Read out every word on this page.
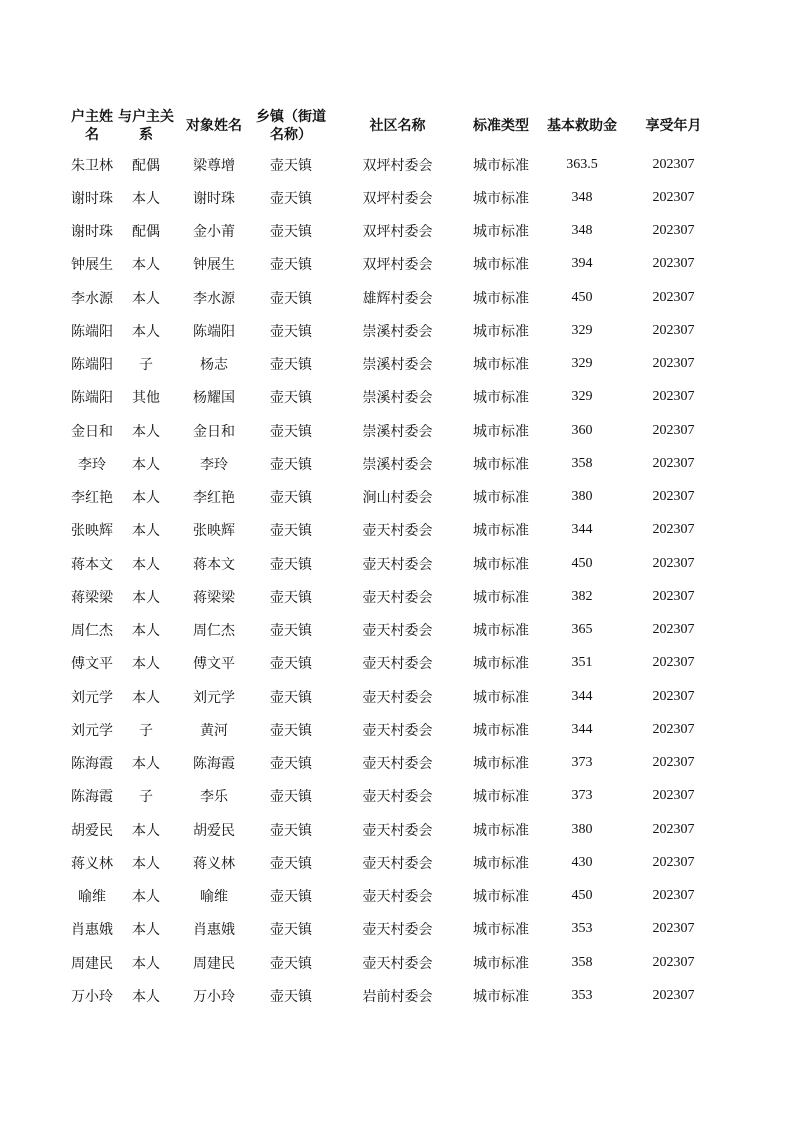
户主姓名	与户主关系	对象姓名	乡镇（街道名称）	社区名称	标准类型	基本救助金	享受年月
朱卫林	配偶	梁尊增	壶天镇	双坪村委会	城市标准	363.5	202307
谢时珠	本人	谢时珠	壶天镇	双坪村委会	城市标准	348	202307
谢时珠	配偶	金小莆	壶天镇	双坪村委会	城市标准	348	202307
钟展生	本人	钟展生	壶天镇	双坪村委会	城市标准	394	202307
李水源	本人	李水源	壶天镇	雄辉村委会	城市标准	450	202307
陈端阳	本人	陈端阳	壶天镇	崇溪村委会	城市标准	329	202307
陈端阳	子	杨志	壶天镇	崇溪村委会	城市标准	329	202307
陈端阳	其他	杨耀国	壶天镇	崇溪村委会	城市标准	329	202307
金日和	本人	金日和	壶天镇	崇溪村委会	城市标准	360	202307
李玲	本人	李玲	壶天镇	崇溪村委会	城市标准	358	202307
李红艳	本人	李红艳	壶天镇	涧山村委会	城市标准	380	202307
张映辉	本人	张映辉	壶天镇	壶天村委会	城市标准	344	202307
蒋本文	本人	蒋本文	壶天镇	壶天村委会	城市标准	450	202307
蒋梁梁	本人	蒋梁梁	壶天镇	壶天村委会	城市标准	382	202307
周仁杰	本人	周仁杰	壶天镇	壶天村委会	城市标准	365	202307
傅文平	本人	傅文平	壶天镇	壶天村委会	城市标准	351	202307
刘元学	本人	刘元学	壶天镇	壶天村委会	城市标准	344	202307
刘元学	子	黄河	壶天镇	壶天村委会	城市标准	344	202307
陈海霞	本人	陈海霞	壶天镇	壶天村委会	城市标准	373	202307
陈海霞	子	李乐	壶天镇	壶天村委会	城市标准	373	202307
胡爱民	本人	胡爱民	壶天镇	壶天村委会	城市标准	380	202307
蒋义林	本人	蒋义林	壶天镇	壶天村委会	城市标准	430	202307
喻维	本人	喻维	壶天镇	壶天村委会	城市标准	450	202307
肖惠娥	本人	肖惠娥	壶天镇	壶天村委会	城市标准	353	202307
周建民	本人	周建民	壶天镇	壶天村委会	城市标准	358	202307
万小玲	本人	万小玲	壶天镇	岩前村委会	城市标准	353	202307
